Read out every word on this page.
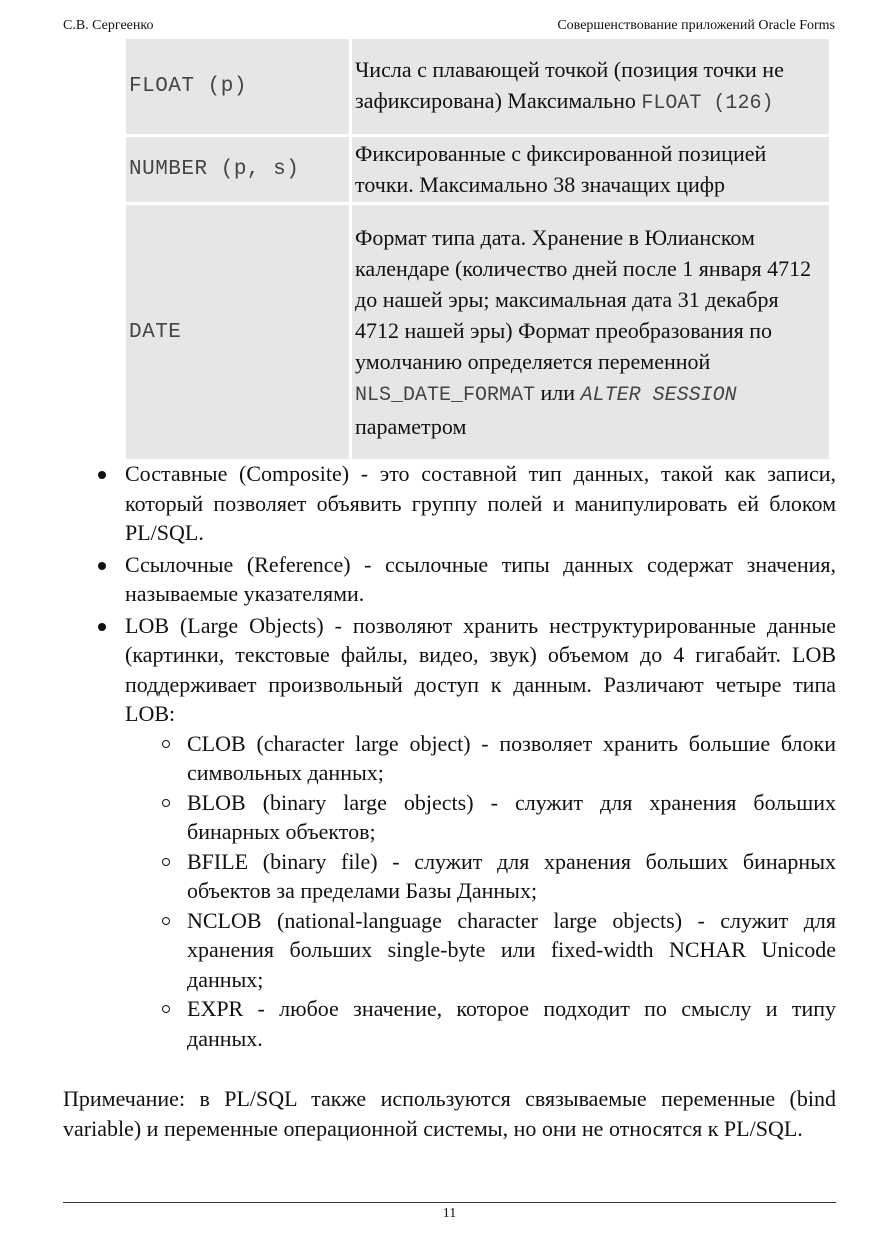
С.В. Сергеенко	Совершенствование приложений Oracle Forms
FLOAT (p)	Числа с плавающей точкой (позиция точки не зафиксирована) Максимально FLOAT (126)
NUMBER (p, s)	Фиксированные с фиксированной позицией точки. Максимально 38 значащих цифр
DATE	Формат типа дата. Хранение в Юлианском календаре (количество дней после 1 января 4712 до нашей эры; максимальная дата 31 декабря 4712 нашей эры) Формат преобразования по умолчанию определяется переменной NLS_DATE_FORMAT или ALTER SESSION параметром
Составные (Composite) - это составной тип данных, такой как записи, который позволяет объявить группу полей и манипулировать ей блоком PL/SQL.
Ссылочные (Reference) - ссылочные типы данных содержат значения, называемые указателями.
LOB (Large Objects) - позволяют хранить неструктурированные данные (картинки, текстовые файлы, видео, звук) объемом до 4 гигабайт. LOB поддерживает произвольный доступ к данным. Различают четыре типа LOB:
CLOB (character large object) - позволяет хранить большие блоки символьных данных;
BLOB (binary large objects) - служит для хранения больших бинарных объектов;
BFILE (binary file) - служит для хранения больших бинарных объектов за пределами Базы Данных;
NCLOB (national-language character large objects) - служит для хранения больших single-byte или fixed-width NCHAR Unicode данных;
EXPR - любое значение, которое подходит по смыслу и типу данных.

Примечание: в PL/SQL также используются связываемые переменные (bind variable) и переменные операционной системы, но они не относятся к PL/SQL.

11
